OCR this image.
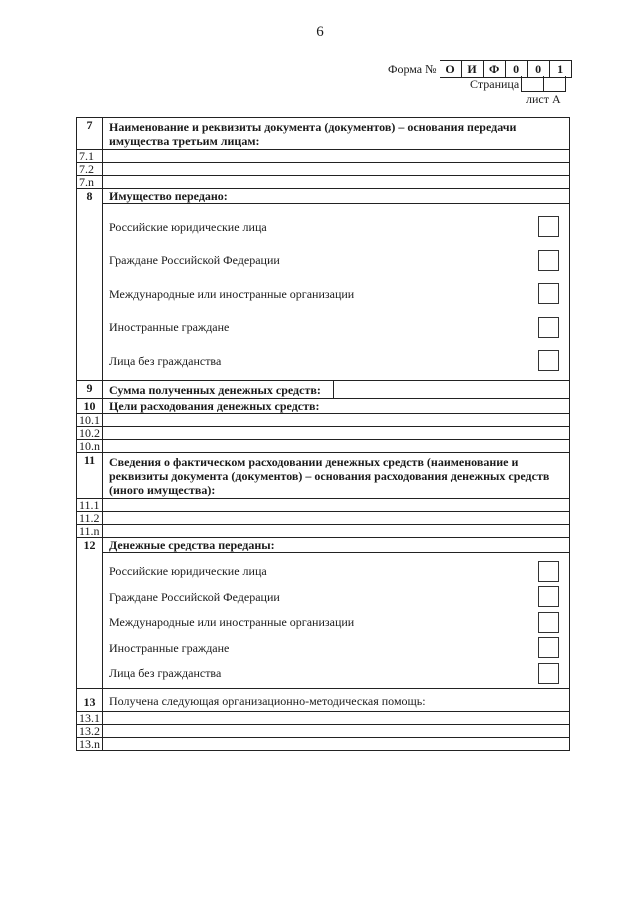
6
Форма № О	И	Ф	0	0	1
Страница
лист А
7	Наименование и реквизиты документа (документов) – основания передачи имущества третьим лицам:	
7.1		
7.2		
7.n		
8	Имущество передано:	

	Российские юридические лица
Граждане Российской Федерации
Международные или иностранные организации
Иностранные граждане
Лица без гражданства	

9	Сумма полученных денежных средств:	
10	Цели расходования денежных средств:	
10.1		
10.2		
10.n		
11	Сведения о фактическом расходовании денежных средств (наименование и реквизиты документа (документов) – основания расходования денежных средств (иного имущества):	
11.1		
11.2		
11.n		
12	Денежные средства переданы:	

	Российские юридические лица
Граждане Российской Федерации
Международные или иностранные организации
Иностранные граждане
Лица без гражданства	

13	Получена следующая организационно-методическая помощь:	
13.1		
13.2		
13.n		
